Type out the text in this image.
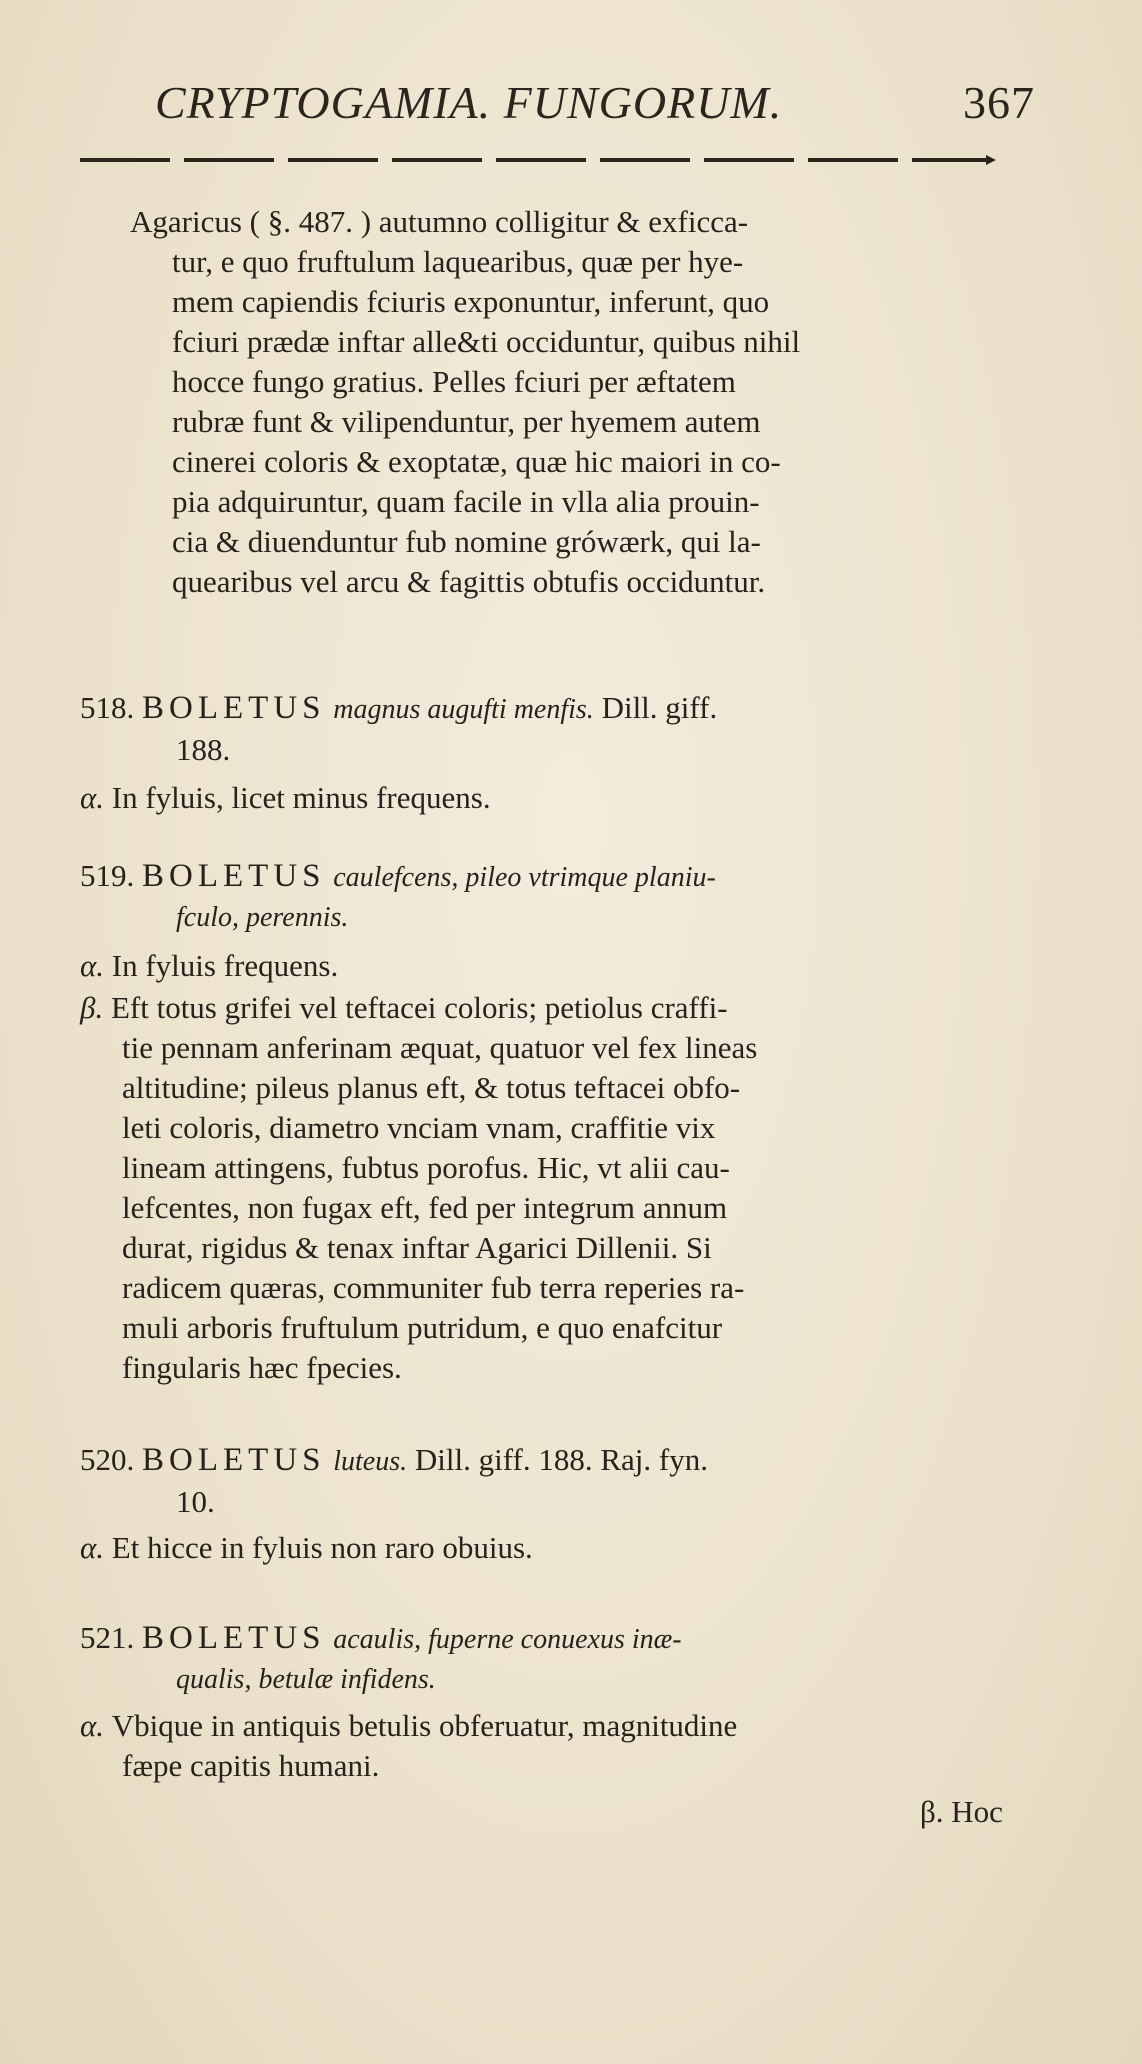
CRYPTOGAMIA. FUNGORUM.	367
Agaricus ( §. 487. ) autumno colligitur & exficca-
tur, e quo fruftulum laquearibus, quæ per hye-
mem capiendis fciuris exponuntur, inferunt, quo
fciuri prædæ inftar alle&ti occiduntur, quibus nihil
hocce fungo gratius. Pelles fciuri per æftatem
rubræ funt & vilipenduntur, per hyemem autem
cinerei coloris & exoptatæ, quæ hic maiori in co-
pia adquiruntur, quam facile in vlla alia prouin-
cia & diuenduntur fub nomine grówærk, qui la-
quearibus vel arcu & fagittis obtufis occiduntur.
518. BOLETUS magnus augufti menfis. Dill. giff.
188.
α. In fyluis, licet minus frequens.
519. BOLETUS caulefcens, pileo vtrimque planiu-
fculo, perennis.
α. In fyluis frequens.
β. Eft totus grifei vel teftacei coloris; petiolus craffi-
tie pennam anferinam æquat, quatuor vel fex lineas
altitudine; pileus planus eft, & totus teftacei obfo-
leti coloris, diametro vnciam vnam, craffitie vix
lineam attingens, fubtus porofus. Hic, vt alii cau-
lefcentes, non fugax eft, fed per integrum annum
durat, rigidus & tenax inftar Agarici Dillenii. Si
radicem quæras, communiter fub terra reperies ra-
muli arboris fruftulum putridum, e quo enafcitur
fingularis hæc fpecies.
520. BOLETUS luteus. Dill. giff. 188. Raj. fyn.
10.
α. Et hicce in fyluis non raro obuius.
521. BOLETUS acaulis, fuperne conuexus inæ-
qualis, betulæ infidens.
α. Vbique in antiquis betulis obferuatur, magnitudine
fæpe capitis humani.
β. Hoc
